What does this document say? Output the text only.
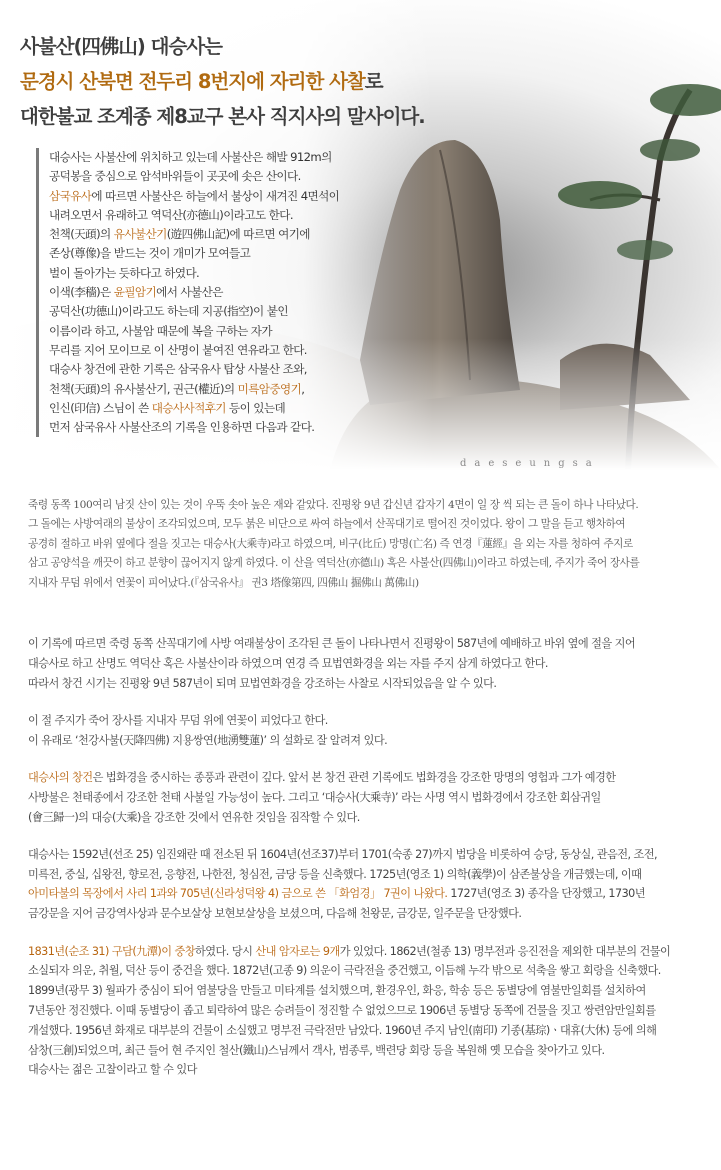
사불산(四佛山) 대승사는

문경시 산북면 전두리 8번지에 자리한 사찰로

대한불교 조계종 제8교구 본사 직지사의 말사이다.

대승사는 사불산에 위치하고 있는데 사불산은 해발 912m의

공덕봉을 중심으로 암석바위들이 곳곳에 솟은 산이다.

삼국유사에 따르면 사불산은 하늘에서 불상이 새겨진 4면석이

내려오면서 유래하고 역덕산(亦德山)이라고도 한다.

천책(天頙)의 유사불산기(遊四佛山記)에 따르면 여기에

존상(尊像)을 받드는 것이 개미가 모여들고

벌이 돌아가는 듯하다고 하였다.

이색(李穡)은 윤필암기에서 사불산은

공덕산(功德山)이라고도 하는데 지공(指空)이 붙인

이름이라 하고, 사불암 때문에 복을 구하는 자가

무리를 지어 모이므로 이 산명이 붙여진 연유라고 한다.

대승사 창건에 관한 기록은 삼국유사 탑상 사불산 조와,

천책(天頙)의 유사불산기, 권근(權近)의 미륵암중영기,

인신(印信) 스님이 쓴 대승사사적후기 등이 있는데

먼저 삼국유사 사불산조의 기록을 인용하면 다음과 같다.

daeseungsa

죽령 동쪽 100여리 남짓 산이 있는 것이 우뚝 솟아 높은 재와 같았다. 진평왕 9년 갑신년 갑자기 4면이 일 장 씩 되는 큰 돌이 하나 나타났다.

그 돌에는 사방여래의 불상이 조각되었으며, 모두 붉은 비단으로 싸여 하늘에서 산꼭대기로 떨어진 것이었다. 왕이 그 말을 듣고 행차하여

공경히 절하고 바위 옆에다 절을 짓고는 대승사(大乘寺)라고 하였으며, 비구(比丘) 망명(亡名) 즉 연경『蓮經』을 외는 자를 청하여 주지로

삼고 공양석을 깨끗이 하고 분향이 끊어지지 않게 하였다. 이 산을 역덕산(亦德山) 혹은 사불산(四佛山)이라고 하였는데, 주지가 죽어 장사를

지내자 무덤 위에서 연꽃이 피어났다.(『삼국유사』 권3 塔像第四, 四佛山 掘佛山 萬佛山)

이 기록에 따르면 죽령 동쪽 산꼭대기에 사방 여래불상이 조각된 큰 돌이 나타나면서 진평왕이 587년에 예배하고 바위 옆에 절을 지어

대승사로 하고 산명도 역덕산 혹은 사불산이라 하였으며 연경 즉 묘법연화경을 외는 자를 주지 삼게 하였다고 한다.

따라서 창건 시기는 진평왕 9년 587년이 되며 묘법연화경을 강조하는 사찰로 시작되었음을 알 수 있다.

이 절 주지가 죽어 장사를 지내자 무덤 위에 연꽃이 피었다고 한다.

이 유래로 ‘천강사불(天降四佛) 지용쌍연(地湧雙蓮)’ 의 설화로 잘 알려져 있다.

대승사의 창건은 법화경을 중시하는 종풍과 관련이 깊다. 앞서 본 창건 관련 기록에도 법화경을 강조한 망명의 영험과 그가 예경한

사방불은 천태종에서 강조한 천태 사불일 가능성이 높다. 그리고 ‘대승사(大乘寺)’ 라는 사명 역시 법화경에서 강조한 회삼귀일

(會三歸一)의 대승(大乘)을 강조한 것에서 연유한 것임을 짐작할 수 있다.

대승사는 1592년(선조 25) 임진왜란 때 전소된 뒤 1604년(선조37)부터 1701(숙종 27)까지 법당을 비롯하여 승당, 동상실, 관음전, 조전,

미륵전, 중실, 십왕전, 향로전, 응향전, 나한전, 청심전, 금당 등을 신축했다. 1725년(영조 1) 의학(義學)이 삼존불상을 개금했는데, 이때

아미타불의 목장에서 사리 1과와 705년(신라성덕왕 4) 금으로 쓴 「화엄경」 7권이 나왔다. 1727년(영조 3) 종각을 단장했고, 1730년

금강문을 지어 금강역사상과 문수보살상 보현보살상을 보셨으며, 다음해 천왕문, 금강문, 일주문을 단장했다.

1831년(순조 31) 구담(九潭)이 중창하였다. 당시 산내 암자로는 9개가 있었다. 1862년(철종 13) 명부전과 응진전을 제외한 대부분의 건물이

소실되자 의운, 취월, 덕산 등이 중건을 했다. 1872년(고종 9) 의운이 극락전을 중건했고, 이듬해 누각 밖으로 석축을 쌓고 회랑을 신축했다.

1899년(광무 3) 월파가 중심이 되어 염불당을 만들고 미타계를 설치했으며, 환경우인, 화응, 학송 등은 동별당에 염불만일회를 설치하여

7년동안 정진했다. 이때 동별당이 좁고 퇴락하여 많은 승려들이 정진할 수 없었으므로 1906년 동별당 동쪽에 건물을 짓고 쌍련암만일회를

개설했다. 1956년 화재로 대부분의 건물이 소실했고 명부전 극락전만 남았다. 1960년 주지 남인(南印) 기종(基琮)ㆍ대휴(大休) 등에 의해

삼창(三創)되었으며, 최근 들어 현 주지인 철산(鐵山)스님께서 객사, 범종루, 백련당 회랑 등을 복원해 옛 모습을 찾아가고 있다.

대승사는 젊은 고찰이라고 할 수 있다
